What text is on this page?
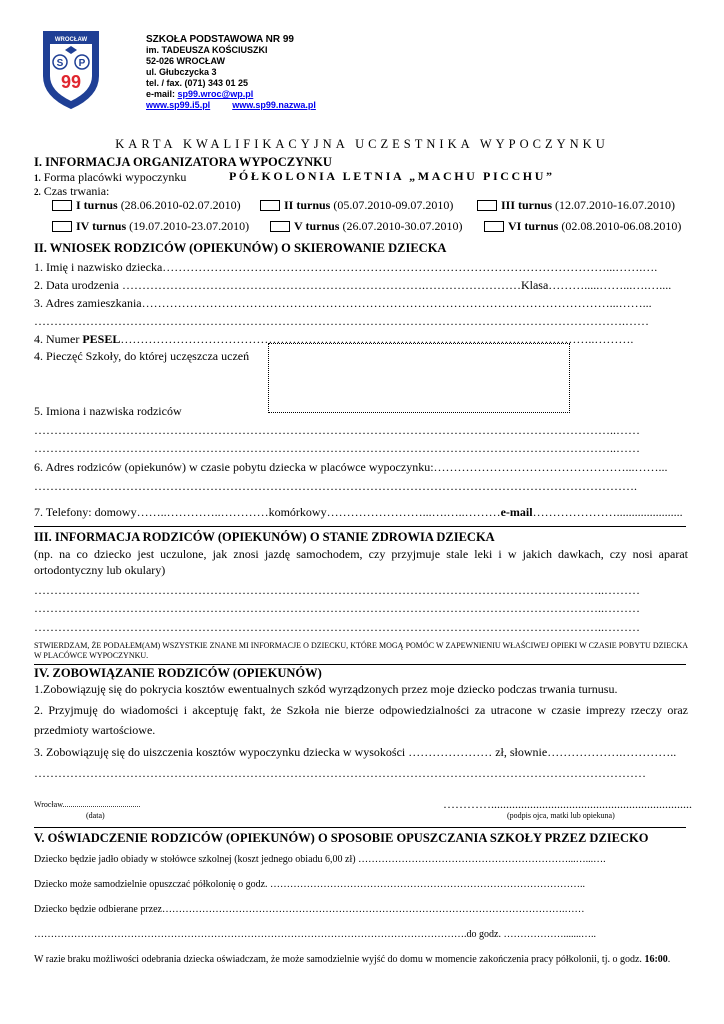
S P
99
WROCŁAW	SZKOŁA PODSTAWOWA NR 99
im. TADEUSZA KOŚCIUSZKI
52-026 WROCŁAW
ul. Głubczycka 3
tel. / fax. (071) 343 01 25
e-mail: sp99.wroc@wp.pl
www.sp99.i5.pl www.sp99.nazwa.pl
KARTA KWALIFIKACYJNA UCZESTNIKA WYPOCZYNKU
I. INFORMACJA ORGANIZATORA WYPOCZYNKU
1. Forma placówki wypoczynku	PÓŁKOLONIA LETNIA „MACHU PICCHU”
2. Czas trwania:
I turnus (28.06.2010-02.07.2010)	II turnus (05.07.2010-09.07.2010)	III turnus (12.07.2010-16.07.2010)
IV turnus (19.07.2010-23.07.2010)	V turnus (26.07.2010-30.07.2010)	VI turnus (02.08.2010-06.08.2010)
II. WNIOSEK RODZICÓW (OPIEKUNÓW) O SKIEROWANIE DZIECKA
1. Imię i nazwisko dziecka…………………………………………………………………………………………………...…….….
2. Data urodzenia ………………………………………………………………….……………………Klasa……….....……...….…....
3. Adres zamieszkania………………………………………………………………………………………………………...……...
………………………………………………………………………………………………………………………………….……
4. Numer PESEL………………………………………………………………………………………………………..……….
4. Pieczęć Szkoły, do której uczęszcza uczeń
5. Imiona i nazwiska rodziców
………………………………………………………………………………………………………………………………..……
………………………………………………………………………………………………………………………………..……
6. Adres rodziców (opiekunów) w czasie pobytu dziecka w placówce wypoczynku:…………………………………………...……...
…………………………………………………………………………………………………………………………………….
7. Telefony: domowy……..…………..…………komórkowy……………………...….…..………e-mail…………………......................
III. INFORMACJA RODZICÓW (OPIEKUNÓW) O STANIE ZDROWIA DZIECKA
(np. na co dziecko jest uczulone, jak znosi jazdę samochodem, czy przyjmuje stale leki i w jakich dawkach, czy nosi aparat ortodontyczny lub okulary)
……………………………………………………………………………………………………………………………..………
……………………………………………………………………………………………………………………………..………
……………………………………………………………………………………………………………………………..………
STWIERDZAM, ŻE PODAŁEM(AM) WSZYSTKIE ZNANE MI INFORMACJE O DZIECKU, KTÓRE MOGĄ POMÓC W ZAPEWNIENIU WŁAŚCIWEJ OPIEKI W CZASIE POBYTU DZIECKA W PLACÓWCE WYPOCZYNKU.
IV. ZOBOWIĄZANIE RODZICÓW (OPIEKUNÓW)
1.Zobowiązuję się do pokrycia kosztów ewentualnych szkód wyrządzonych przez moje dziecko podczas trwania turnusu.
2. Przyjmuję do wiadomości i akceptuję fakt, że Szkoła nie bierze odpowiedzialności za utracone w czasie imprezy rzeczy oraz przedmioty wartościowe.
3. Zobowiązuję się do uiszczenia kosztów wypoczynku dziecka w wysokości ………………… zł, słownie……………….…………..
………………………………………………………………………………………………………………………………………
Wrocław.......................................
(data)
…………...................................................................
(podpis ojca, matki lub opiekuna)
V. OŚWIADCZENIE RODZICÓW (OPIEKUNÓW) O SPOSOBIE OPUSZCZANIA SZKOŁY PRZEZ DZIECKO
Dziecko będzie jadło obiady w stołówce szkolnej (koszt jednego obiadu 6,00 zł) ………………………………………………………...…...….
Dziecko może samodzielnie opuszczać półkolonię o godz. …………………………………………………………………………………..
Dziecko będzie odbierane przez………………………………………………………………………………………………………….……
………………………………………………………………………………………………………………….do godz. ……………….......…..
W razie braku możliwości odebrania dziecka oświadczam, że może samodzielnie wyjść do domu w momencie zakończenia pracy półkolonii, tj. o godz. 16:00.
